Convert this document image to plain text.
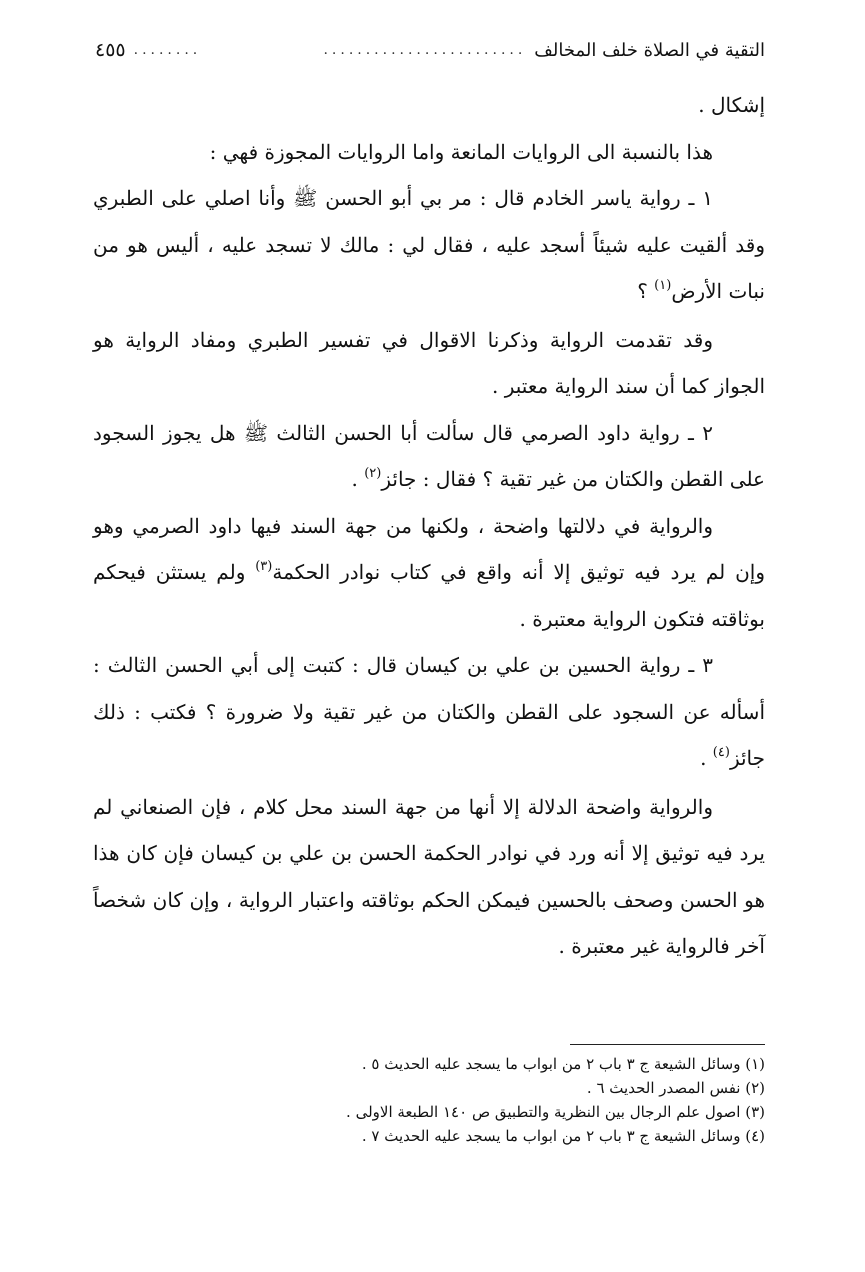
التقية في الصلاة خلف المخالف
........................
........
٤٥٥

إشكال .

هذا بالنسبة الى الروايات المانعة واما الروايات المجوزة فهي :

١ ـ رواية ياسر الخادم قال : مر بي أبو الحسن ﷺ وأنا اصلي على الطبري وقد ألقيت عليه شيئاً أسجد عليه ، فقال لي : مالك لا تسجد عليه ، أليس هو من نبات الأرض$^{(١)}$ ؟

وقد تقدمت الرواية وذكرنا الاقوال في تفسير الطبري ومفاد الرواية هو الجواز كما أن سند الرواية معتبر .

٢ ـ رواية داود الصرمي قال سألت أبا الحسن الثالث ﷺ هل يجوز السجود على القطن والكتان من غير تقية ؟ فقال : جائز$^{(٢)}$ .

والرواية في دلالتها واضحة ، ولكنها من جهة السند فيها داود الصرمي وهو وإن لم يرد فيه توثيق إلا أنه واقع في كتاب نوادر الحكمة$^{(٣)}$ ولم يستثن فيحكم بوثاقته فتكون الرواية معتبرة .

٣ ـ رواية الحسين بن علي بن كيسان قال : كتبت إلى أبي الحسن الثالث : أسأله عن السجود على القطن والكتان من غير تقية ولا ضرورة ؟ فكتب : ذلك جائز$^{(٤)}$ .

والرواية واضحة الدلالة إلا أنها من جهة السند محل كلام ، فإن الصنعاني لم يرد فيه توثيق إلا أنه ورد في نوادر الحكمة الحسن بن علي بن كيسان فإن كان هذا هو الحسن وصحف بالحسين فيمكن الحكم بوثاقته واعتبار الرواية ، وإن كان شخصاً آخر فالرواية غير معتبرة .

(١) وسائل الشيعة ج ٣ باب ٢ من ابواب ما يسجد عليه الحديث ٥ .
(٢) نفس المصدر الحديث ٦ .
(٣) اصول علم الرجال بين النظرية والتطبيق ص ١٤٠ الطبعة الاولى .
(٤) وسائل الشيعة ج ٣ باب ٢ من ابواب ما يسجد عليه الحديث ٧ .
